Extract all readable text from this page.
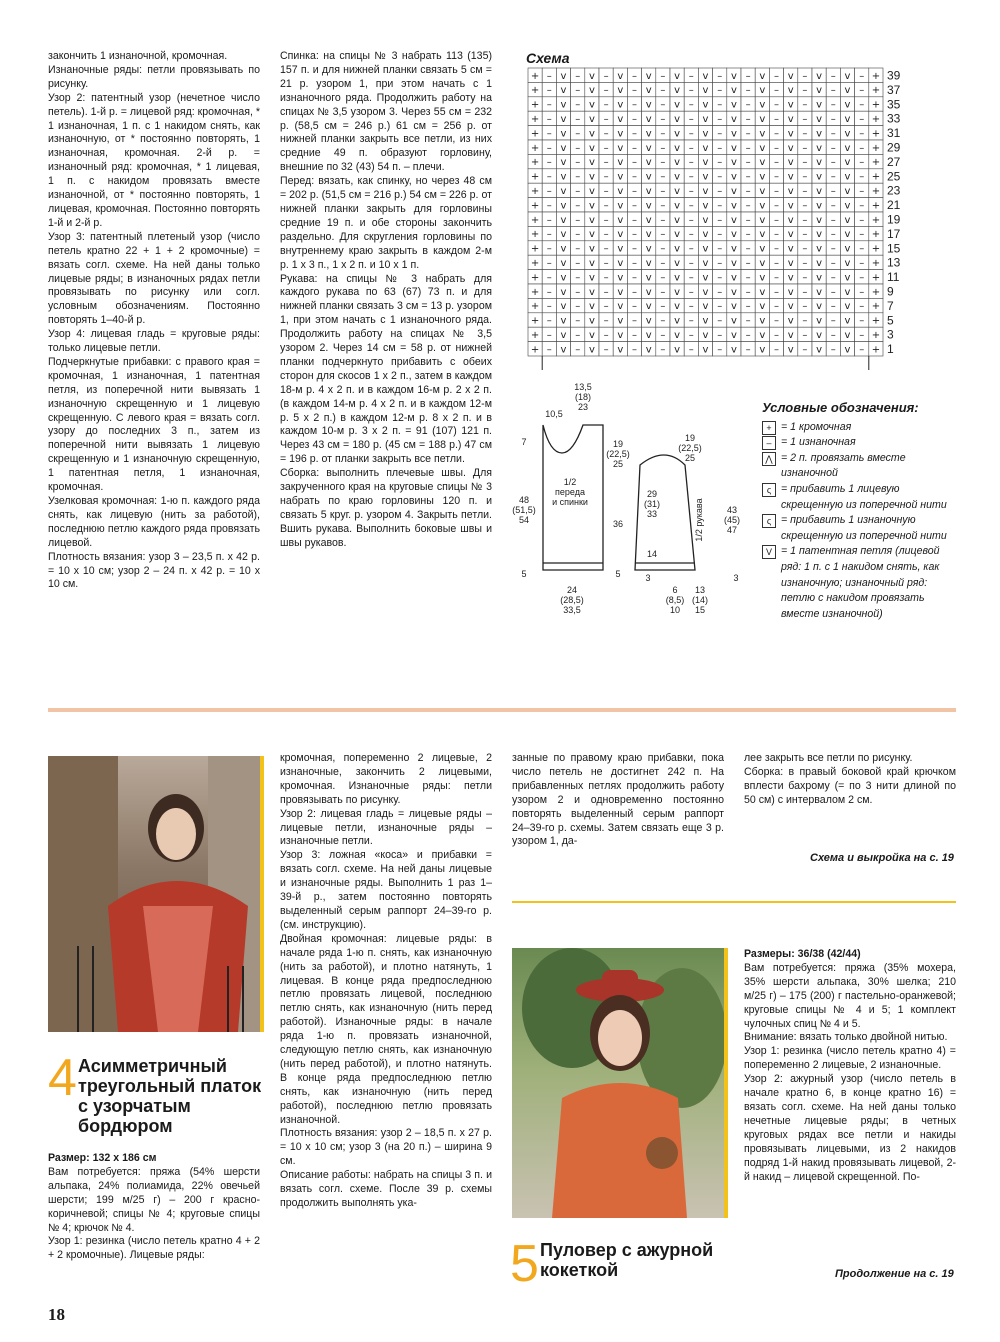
закончить 1 изнаночной, кромочная.

Изнаночные ряды: петли провязывать по рисунку.

Узор 2: патентный узор (нечетное число петель). 1-й р. = лицевой ряд: кромочная, * 1 изнаночная, 1 п. с 1 накидом снять, как изнаночную, от * постоянно повторять, 1 изнаночная, кромочная. 2-й р. = изнаночный ряд: кромочная, * 1 лицевая, 1 п. с накидом провязать вместе изнаночной, от * постоянно повторять, 1 лицевая, кромочная. Постоянно повторять 1-й и 2-й р.

Узор 3: патентный плетеный узор (число петель кратно 22 + 1 + 2 кромочные) = вязать согл. схеме. На ней даны только лицевые ряды; в изнаночных рядах петли провязывать по рисунку или согл. условным обозначениям. Постоянно повторять 1–40-й р.

Узор 4: лицевая гладь = круговые ряды: только лицевые петли.

Подчеркнутые прибавки: с правого края = кромочная, 1 изнаночная, 1 патентная петля, из поперечной нити вывязать 1 изнаночную скрещенную и 1 лицевую скрещенную. С левого края = вязать согл. узору до последних 3 п., затем из поперечной нити вывязать 1 лицевую скрещенную и 1 изнаночную скрещенную, 1 патентная петля, 1 изнаночная, кромочная.

Узелковая кромочная: 1-ю п. каждого ряда снять, как лицевую (нить за работой), последнюю петлю каждого ряда провязать лицевой.

Плотность вязания: узор 3 – 23,5 п. х 42 р. = 10 х 10 см; узор 2 – 24 п. х 42 р. = 10 х 10 см.

Спинка: на спицы № 3 набрать 113 (135) 157 п. и для нижней планки связать 5 см = 21 р. узором 1, при этом начать с 1 изнаночного ряда. Продолжить работу на спицах № 3,5 узором 3. Через 55 см = 232 р. (58,5 см = 246 р.) 61 см = 256 р. от нижней планки закрыть все петли, из них средние 49 п. образуют горловину, внешние по 32 (43) 54 п. – плечи.

Перед: вязать, как спинку, но через 48 см = 202 р. (51,5 см = 216 р.) 54 см = 226 р. от нижней планки закрыть для горловины средние 19 п. и обе стороны закончить раздельно. Для скругления горловины по внутреннему краю закрыть в каждом 2-м р. 1 х 3 п., 1 х 2 п. и 10 х 1 п.

Рукава: на спицы № 3 набрать для каждого рукава по 63 (67) 73 п. и для нижней планки связать 3 см = 13 р. узором 1, при этом начать с 1 изнаночного ряда. Продолжить работу на спицах № 3,5 узором 2. Через 14 см = 58 р. от нижней планки подчеркнуто прибавить с обеих сторон для скосов 1 х 2 п., затем в каждом 18-м р. 4 х 2 п. и в каждом 16-м р. 2 х 2 п. (в каждом 14-м р. 4 х 2 п. и в каждом 12-м р. 5 х 2 п.) в каждом 12-м р. 8 х 2 п. и в каждом 10-м р. 3 х 2 п. = 91 (107) 121 п. Через 43 см = 180 р. (45 см = 188 р.) 47 см = 196 р. от планки закрыть все петли.

Сборка: выполнить плечевые швы. Для закрученного края на круговые спицы № 3 набрать по краю горловины 120 п. и связать 5 круг. р. узором 4. Закрыть петли. Вшить рукава. Выполнить боковые швы и швы рукавов.

Схема
+ – v – v – v – v – v – v – v – v – v – v – v – + 39
+ – v – v – v – v – v – v – v – v – v – v – v – + 37
+ – v – v – v – v – v – v – v – v – v – v – v – + 35
+ – v – v – v – v – v – v – v – v – v – v – v – + 33
+ – v – v – v – v – v – v – v – v – v – v – v – + 31
+ – v – v – v – v – v – v – v – v – v – v – v – + 29
+ – v – v – v – v – v – v – v – v – v – v – v – + 27
+ – v – v – v – v – v – v – v – v – v – v – v – + 25
+ – v – v – v – v – v – v – v – v – v – v – v – + 23
+ – v – v – v – v – v – v – v – v – v – v – v – + 21
+ – v – v – v – v – v – v – v – v – v – v – v – + 19
+ – v – v – v – v – v – v – v – v – v – v – v – + 17
+ – v – v – v – v – v – v – v – v – v – v – v – + 15
+ – v – v – v – v – v – v – v – v – v – v – v – + 13
+ – v – v – v – v – v – v – v – v – v – v – v – + 11
+ – v – v – v – v – v – v – v – v – v – v – v – + 9
+ – v – v – v – v – v – v – v – v – v – v – v – + 7
+ – v – v – v – v – v – v – v – v – v – v – v – + 5
+ – v – v – v – v – v – v – v – v – v – v – v – + 3
+ – v – v – v – v – v – v – v – v – v – v – v – + 1
13,5
(18)
23
10,5
48
(51,5)
54
19
(22,5)
25
24
(28,5)
33,5
7
36
5	5
1/2
переда
и спинки
19
(22,5)
25
29
(31)
33	43
(45)
47
14
3	3
6
(8,5)
10
13
(14)
15
1/2 рукава
Условные обозначения:
+ = 1 кромочная
– = 1 изнаночная
⋀ = 2 п. провязать вместе изнаночной
ς = прибавить 1 лицевую скрещенную из поперечной нити
ς = прибавить 1 изнаночную скрещенную из поперечной нити
V = 1 патентная петля (лицевой ряд: 1 п. с 1 накидом снять, как изнаночную; изнаночный ряд: петлю с накидом провязать вместе изнаночной)
4 Асимметричный треугольный платок с узорчатым бордюром

Размер: 132 х 186 см

Вам потребуется: пряжа (54% шерсти альпака, 24% полиамида, 22% овечьей шерсти; 199 м/25 г) – 200 г красно-коричневой; спицы № 4; круговые спицы № 4; крючок № 4.

Узор 1: резинка (число петель кратно 4 + 2 + 2 кромочные). Лицевые ряды:

кромочная, попеременно 2 лицевые, 2 изнаночные, закончить 2 лицевыми, кромочная. Изнаночные ряды: петли провязывать по рисунку.

Узор 2: лицевая гладь = лицевые ряды – лицевые петли, изнаночные ряды – изнаночные петли.

Узор 3: ложная «коса» и прибавки = вязать согл. схеме. На ней даны лицевые и изнаночные ряды. Выполнить 1 раз 1–39-й р., затем постоянно повторять выделенный серым раппорт 24–39-го р. (см. инструкцию).

Двойная кромочная: лицевые ряды: в начале ряда 1-ю п. снять, как изнаночную (нить за работой), и плотно натянуть, 1 лицевая. В конце ряда предпоследнюю петлю провязать лицевой, последнюю петлю снять, как изнаночную (нить перед работой). Изнаночные ряды: в начале ряда 1-ю п. провязать изнаночной, следующую петлю снять, как изнаночную (нить перед работой), и плотно натянуть. В конце ряда предпоследнюю петлю снять, как изнаночную (нить перед работой), последнюю петлю провязать изнаночной.

Плотность вязания: узор 2 – 18,5 п. х 27 р. = 10 х 10 см; узор 3 (на 20 п.) – ширина 9 см.

Описание работы: набрать на спицы 3 п. и вязать согл. схеме. После 39 р. схемы продолжить выполнять ука-

занные по правому краю прибавки, пока число петель не достигнет 242 п. На прибавленных петлях продолжить работу узором 2 и одновременно постоянно повторять выделенный серым раппорт 24–39-го р. схемы. Затем связать еще 3 р. узором 1, да-

лее закрыть все петли по рисунку.

Сборка: в правый боковой край крючком вплести бахрому (= по 3 нити длиной по 50 см) с интервалом 2 см.

Схема и выкройка на с. 19
5 Пуловер с ажурной кокеткой

Размеры: 36/38 (42/44)

Вам потребуется: пряжа (35% мохера, 35% шерсти альпака, 30% шелка; 210 м/25 г) – 175 (200) г пастельно-оранжевой; круговые спицы № 4 и 5; 1 комплект чулочных спиц № 4 и 5.

Внимание: вязать только двойной нитью.

Узор 1: резинка (число петель кратно 4) = попеременно 2 лицевые, 2 изнаночные.

Узор 2: ажурный узор (число петель в начале кратно 6, в конце кратно 16) = вязать согл. схеме. На ней даны только нечетные лицевые ряды; в четных круговых рядах все петли и накиды провязывать лицевыми, из 2 накидов подряд 1-й накид провязывать лицевой, 2-й накид – лицевой скрещенной. По-

Продолжение на с. 19
18
